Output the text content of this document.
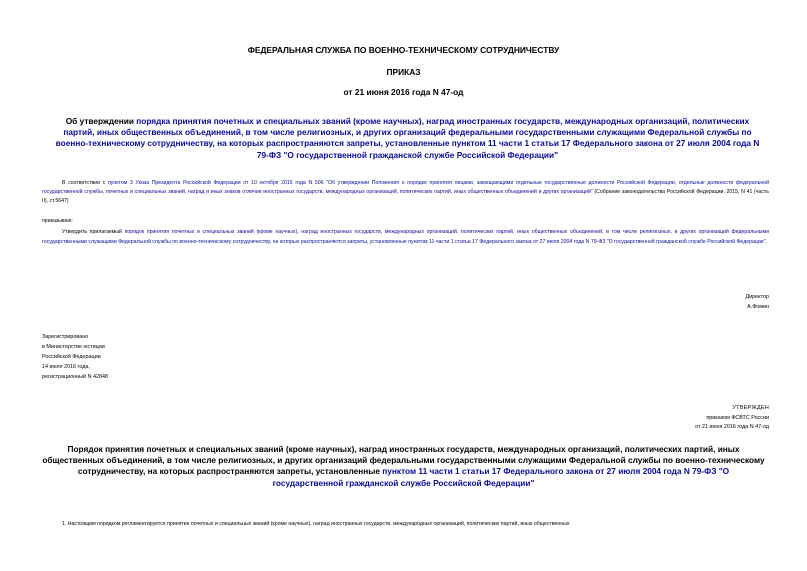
ФЕДЕРАЛЬНАЯ СЛУЖБА ПО ВОЕННО-ТЕХНИЧЕСКОМУ СОТРУДНИЧЕСТВУ
ПРИКАЗ
от 21 июня 2016 года N 47-од
Об утверждении порядка принятия почетных и специальных званий (кроме научных), наград иностранных государств, международных организаций, политических партий, иных общественных объединений, в том числе религиозных, и других организаций федеральными государственными служащими Федеральной службы по военно-техническому сотрудничеству, на которых распространяются запреты, установленные пунктом 11 части 1 статьи 17 Федерального закона от 27 июля 2004 года N 79-ФЗ "О государственной гражданской службе Российской Федерации"
В соответствии с пунктом 3 Указа Президента Российской Федерации от 10 октября 2015 года N 506 "Об утверждении Положения о порядке принятия лицами, замещающими отдельные государственные должности Российской Федерации, отдельные должности федеральной государственной службы, почетных и специальных званий, наград и иных знаков отличия иностранных государств, международных организаций, политических партий, иных общественных объединений и других организаций" (Собрание законодательства Российской Федерации, 2015, N 41 (часть II), ст.5647)
приказываю:
Утвердить прилагаемый порядок принятия почетных и специальных званий (кроме научных), наград иностранных государств, международных организаций, политических партий, иных общественных объединений, в том числе религиозных, и других организаций федеральными государственными служащими Федеральной службы по военно-техническому сотрудничеству, на которых распространяются запреты, установленные пунктом 11 части 1 статьи 17 Федерального закона от 27 июля 2004 года N 79-ФЗ "О государственной гражданской службе Российской Федерации".
Директор
А.Фомин
Зарегистрировано
в Министерстве юстиции
Российской Федерации
14 июля 2016 года,
регистрационный N 42848
УТВЕРЖДЕН
приказом ФСВТС России
от 21 июня 2016 года N 47-од
Порядок принятия почетных и специальных званий (кроме научных), наград иностранных государств, международных организаций, политических партий, иных общественных объединений, в том числе религиозных, и других организаций федеральными государственными служащими Федеральной службы по военно-техническому сотрудничеству, на которых распространяются запреты, установленные пунктом 11 части 1 статьи 17 Федерального закона от 27 июля 2004 года N 79-ФЗ "О государственной гражданской службе Российской Федерации"
1. Настоящим порядком регламентируется принятие почетных и специальных званий (кроме научных), наград иностранных государств, международных организаций, политических партий, иных общественных
